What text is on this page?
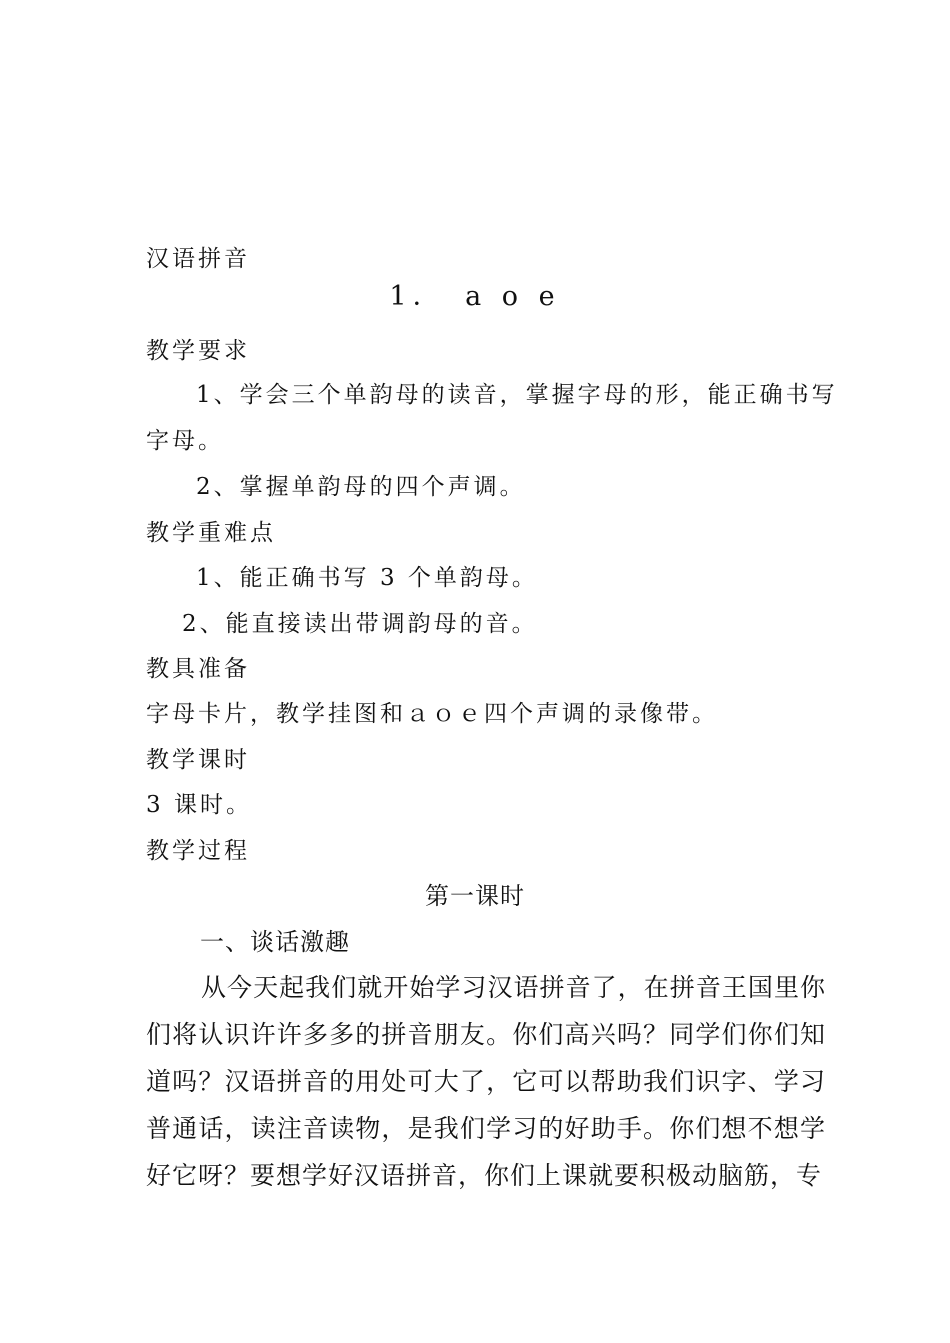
汉语拼音
1．　a o e
教学要求
1、学会三个单韵母的读音，掌握字母的形，能正确书写
字母。
2、掌握单韵母的四个声调。
教学重难点
1、能正确书写 3 个单韵母。
2、能直接读出带调韵母的音。
教具准备
字母卡片，教学挂图和ａｏｅ四个声调的录像带。
教学课时
3 课时。
教学过程
第一课时
一、谈话激趣
从今天起我们就开始学习汉语拼音了，在拼音王国里你们将认识许许多多的拼音朋友。你们高兴吗？同学们你们知道吗？汉语拼音的用处可大了，它可以帮助我们识字、学习普通话，读注音读物，是我们学习的好助手。你们想不想学好它呀？要想学好汉语拼音，你们上课就要积极动脑筋，专
